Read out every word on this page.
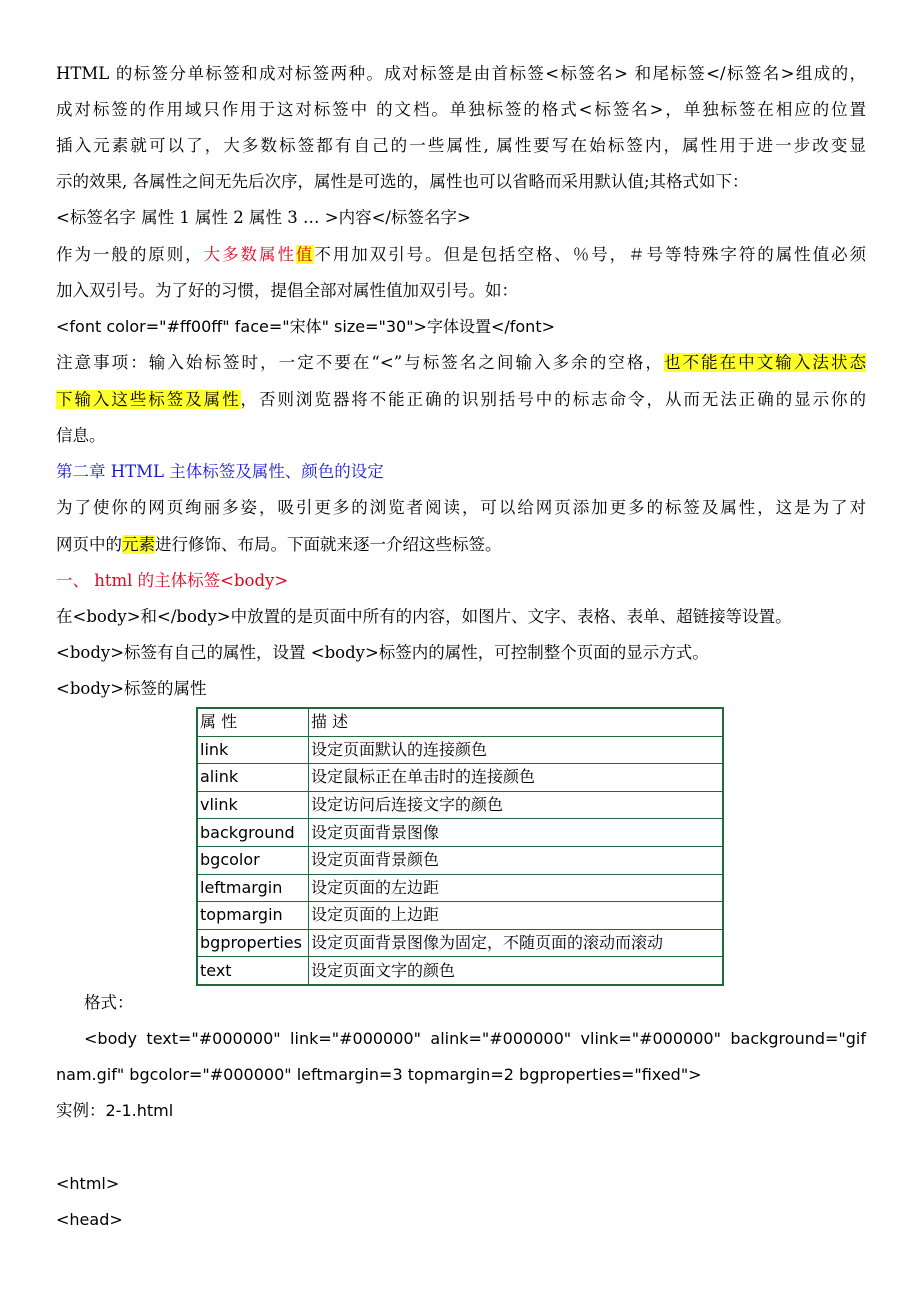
HTML 的标签分单标签和成对标签两种。成对标签是由首标签<标签名> 和尾标签</标签名>组成的，
成对标签的作用域只作用于这对标签中 的文档。单独标签的格式<标签名>，单独标签在相应的位置
插入元素就可以了，大多数标签都有自己的一些属性, 属性要写在始标签内，属性用于进一步改变显
示的效果, 各属性之间无先后次序，属性是可选的，属性也可以省略而采用默认值;其格式如下：
<标签名字 属性 1 属性 2 属性 3 … >内容</标签名字>
作为一般的原则，大多数属性值不用加双引号。但是包括空格、％号，＃号等特殊字符的属性值必须
加入双引号。为了好的习惯，提倡全部对属性值加双引号。如：
<font color="#ff00ff" face="宋体" size="30">字体设置</font>
注意事项：输入始标签时，一定不要在“<”与标签名之间输入多余的空格，也不能在中文输入法状态
下输入这些标签及属性，否则浏览器将不能正确的识别括号中的标志命令，从而无法正确的显示你的
信息。
第二章 HTML 主体标签及属性、颜色的设定
为了使你的网页绚丽多姿，吸引更多的浏览者阅读，可以给网页添加更多的标签及属性，这是为了对
网页中的元素进行修饰、布局。下面就来逐一介绍这些标签。
一、 html 的主体标签<body>
在<body>和</body>中放置的是页面中所有的内容，如图片、文字、表格、表单、超链接等设置。
<body>标签有自己的属性，设置 <body>标签内的属性，可控制整个页面的显示方式。
<body>标签的属性
属 性	描 述
link	设定页面默认的连接颜色
alink	设定鼠标正在单击时的连接颜色
vlink	设定访问后连接文字的颜色
background	设定页面背景图像
bgcolor	设定页面背景颜色
leftmargin	设定页面的左边距
topmargin	设定页面的上边距
bgproperties	设定页面背景图像为固定，不随页面的滚动而滚动
text	设定页面文字的颜色
格式：
<body text="#000000" link="#000000" alink="#000000" vlink="#000000" background="gif
nam.gif" bgcolor="#000000" leftmargin=3 topmargin=2 bgproperties="fixed">
实例：2-1.html
<html>
<head>
